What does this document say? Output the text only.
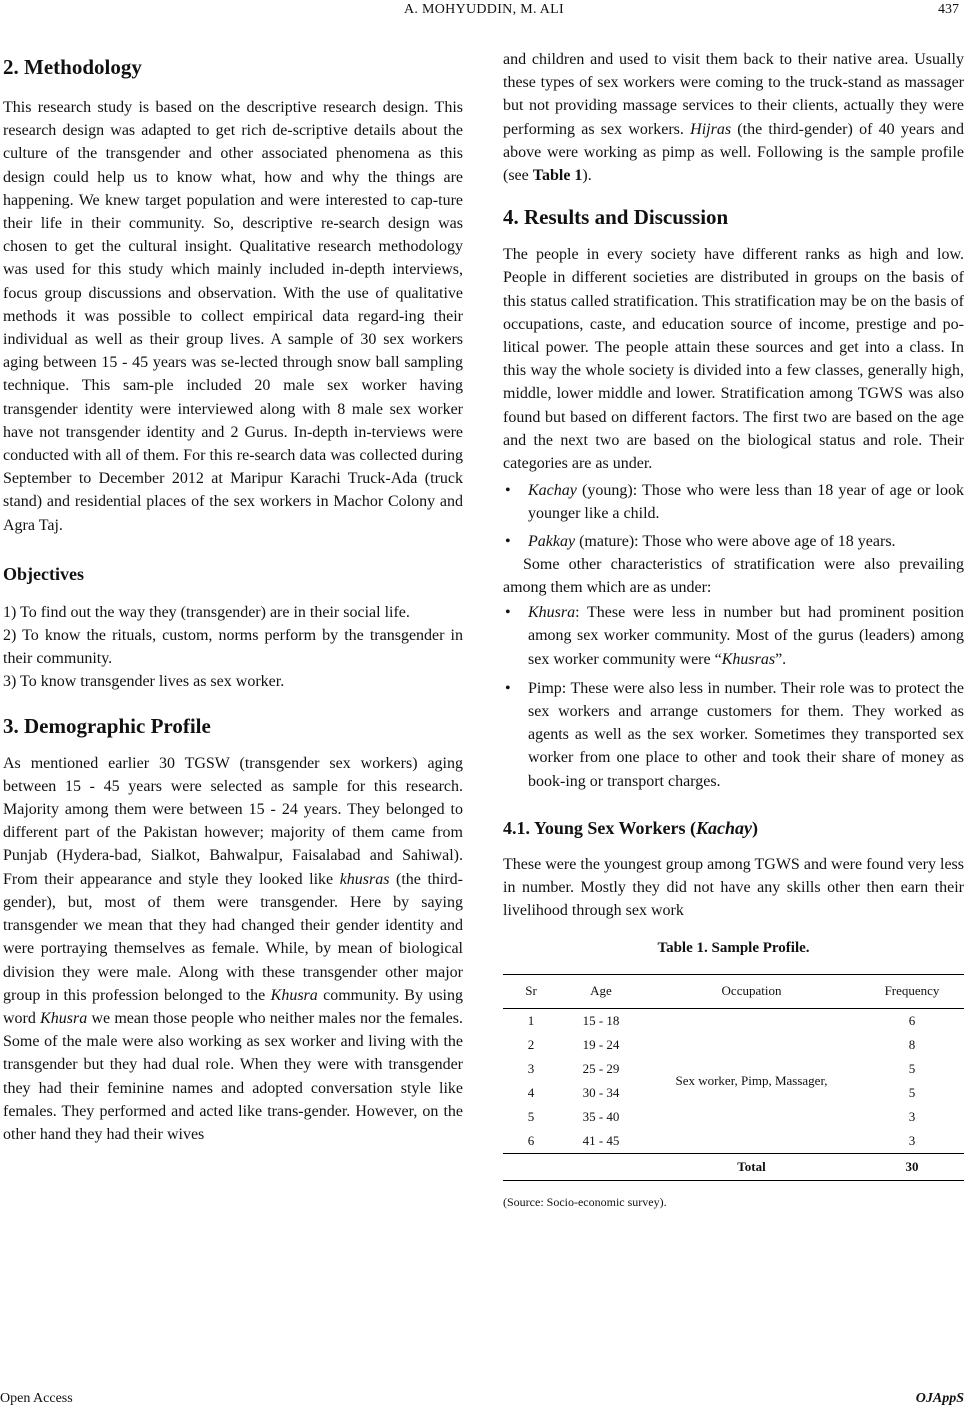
A. MOHYUDDIN, M. ALI	437
2. Methodology

This research study is based on the descriptive research design. This research design was adapted to get rich de-scriptive details about the culture of the transgender and other associated phenomena as this design could help us to know what, how and why the things are happening. We knew target population and were interested to cap-ture their life in their community. So, descriptive re-search design was chosen to get the cultural insight. Qualitative research methodology was used for this study which mainly included in-depth interviews, focus group discussions and observation. With the use of qualitative methods it was possible to collect empirical data regard-ing their individual as well as their group lives. A sample of 30 sex workers aging between 15 - 45 years was se-lected through snow ball sampling technique. This sam-ple included 20 male sex worker having transgender identity were interviewed along with 8 male sex worker have not transgender identity and 2 Gurus. In-depth in-terviews were conducted with all of them. For this re-search data was collected during September to December 2012 at Maripur Karachi Truck-Ada (truck stand) and residential places of the sex workers in Machor Colony and Agra Taj.

Objectives

1) To find out the way they (transgender) are in their social life.

2) To know the rituals, custom, norms perform by the transgender in their community.

3) To know transgender lives as sex worker.

3. Demographic Profile

As mentioned earlier 30 TGSW (transgender sex workers) aging between 15 - 45 years were selected as sample for this research. Majority among them were between 15 - 24 years. They belonged to different part of the Pakistan however; majority of them came from Punjab (Hydera-bad, Sialkot, Bahwalpur, Faisalabad and Sahiwal). From their appearance and style they looked like khusras (the third-gender), but, most of them were transgender. Here by saying transgender we mean that they had changed their gender identity and were portraying themselves as female. While, by mean of biological division they were male. Along with these transgender other major group in this profession belonged to the Khusra community. By using word Khusra we mean those people who neither males nor the females. Some of the male were also working as sex worker and living with the transgender but they had dual role. When they were with transgender they had their feminine names and adopted conversation style like females. They performed and acted like trans-gender. However, on the other hand they had their wives

and children and used to visit them back to their native area. Usually these types of sex workers were coming to the truck-stand as massager but not providing massage services to their clients, actually they were performing as sex workers. Hijras (the third-gender) of 40 years and above were working as pimp as well. Following is the sample profile (see Table 1).

4. Results and Discussion

The people in every society have different ranks as high and low. People in different societies are distributed in groups on the basis of this status called stratification. This stratification may be on the basis of occupations, caste, and education source of income, prestige and po-litical power. The people attain these sources and get into a class. In this way the whole society is divided into a few classes, generally high, middle, lower middle and lower. Stratification among TGWS was also found but based on different factors. The first two are based on the age and the next two are based on the biological status and role. Their categories are as under.

• Kachay (young): Those who were less than 18 year of age or look younger like a child.
• Pakkay (mature): Those who were above age of 18 years.

Some other characteristics of stratification were also prevailing among them which are as under:

• Khusra: These were less in number but had prominent position among sex worker community. Most of the gurus (leaders) among sex worker community were “Khusras”.
• Pimp: These were also less in number. Their role was to protect the sex workers and arrange customers for them. They worked as agents as well as the sex worker. Sometimes they transported sex worker from one place to other and took their share of money as book-ing or transport charges.
4.1. Young Sex Workers (Kachay)

These were the youngest group among TGWS and were found very less in number. Mostly they did not have any skills other then earn their livelihood through sex work

Table 1. Sample Profile.
Sr	Age	Occupation	Frequency
1	15 - 18	Sex worker, Pimp, Massager,	6
2	19 - 24		8
3	25 - 29		5
4	30 - 34		5
5	35 - 40		3
6	41 - 45		3
		Total	30
(Source: Socio-economic survey).
Open Access	OJAppS
